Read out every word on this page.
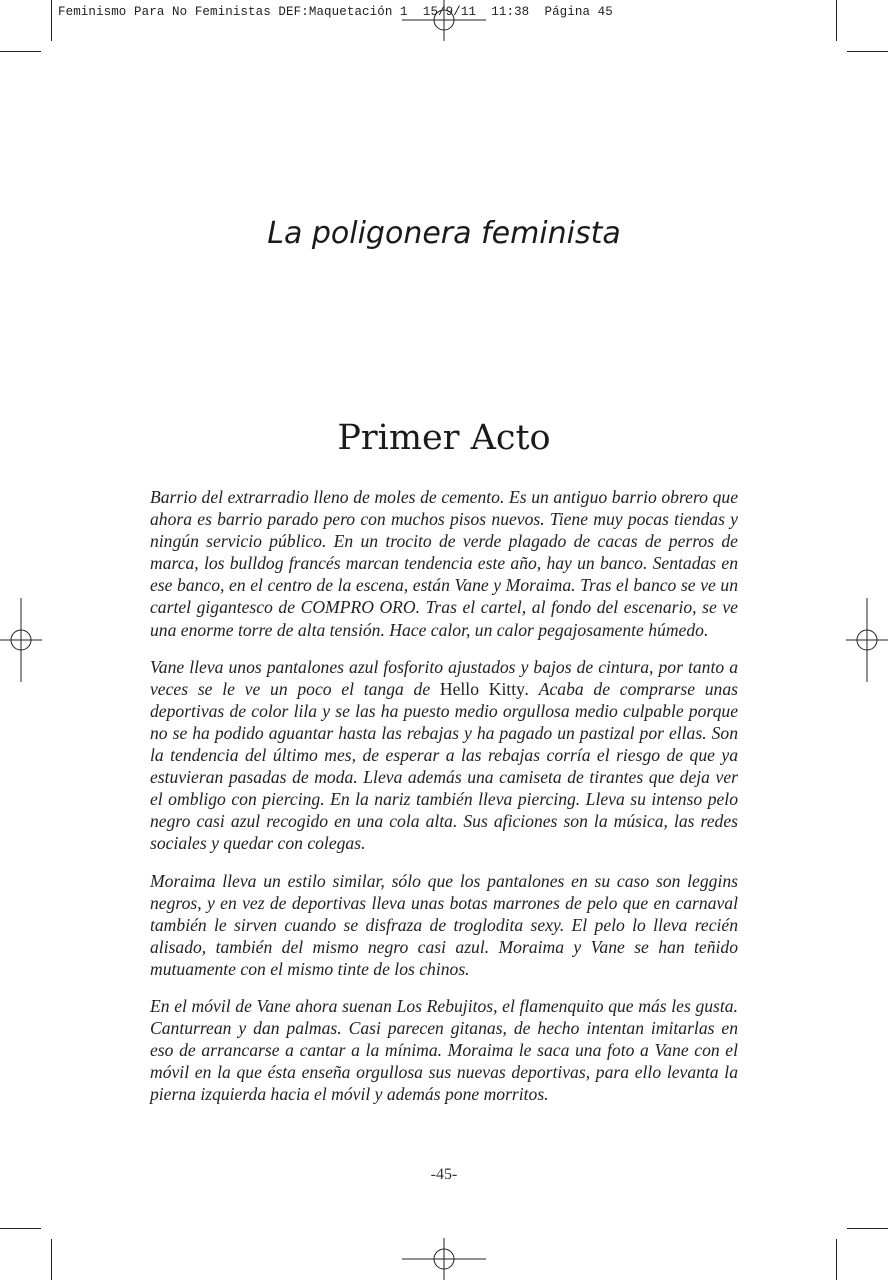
Feminismo Para No Feministas DEF:Maquetación 1  15/9/11  11:38  Página 45
La poligonera feminista
Primer Acto

Barrio del extrarradio lleno de moles de cemento. Es un antiguo barrio obrero que ahora es barrio parado pero con muchos pisos nuevos. Tiene muy pocas tiendas y ningún servicio público. En un trocito de verde plagado de cacas de perros de marca, los bulldog francés marcan tendencia este año, hay un banco. Sentadas en ese banco, en el centro de la escena, están Vane y Moraima. Tras el banco se ve un cartel gigantesco de COMPRO ORO. Tras el cartel, al fondo del escenario, se ve una enorme torre de alta tensión. Hace calor, un calor pegajosamente húmedo.

Vane lleva unos pantalones azul fosforito ajustados y bajos de cintura, por tanto a veces se le ve un poco el tanga de Hello Kitty. Acaba de comprarse unas deportivas de color lila y se las ha puesto medio orgullosa medio culpable porque no se ha podido aguantar hasta las rebajas y ha pagado un pastizal por ellas. Son la tendencia del último mes, de esperar a las rebajas corría el riesgo de que ya estuvieran pasadas de moda. Lleva además una camiseta de tirantes que deja ver el ombligo con piercing. En la nariz también lleva piercing. Lleva su intenso pelo negro casi azul recogido en una cola alta. Sus aficiones son la música, las redes sociales y quedar con colegas.

Moraima lleva un estilo similar, sólo que los pantalones en su caso son leggins negros, y en vez de deportivas lleva unas botas marrones de pelo que en carnaval también le sirven cuando se disfraza de troglodita sexy. El pelo lo lleva recién alisado, también del mismo negro casi azul. Moraima y Vane se han teñido mutuamente con el mismo tinte de los chinos.

En el móvil de Vane ahora suenan Los Rebujitos, el flamenquito que más les gusta. Canturrean y dan palmas. Casi parecen gitanas, de hecho intentan imitarlas en eso de arrancarse a cantar a la mínima. Moraima le saca una foto a Vane con el móvil en la que ésta enseña orgullosa sus nuevas deportivas, para ello levanta la pierna izquierda hacia el móvil y además pone morritos.

-45-
